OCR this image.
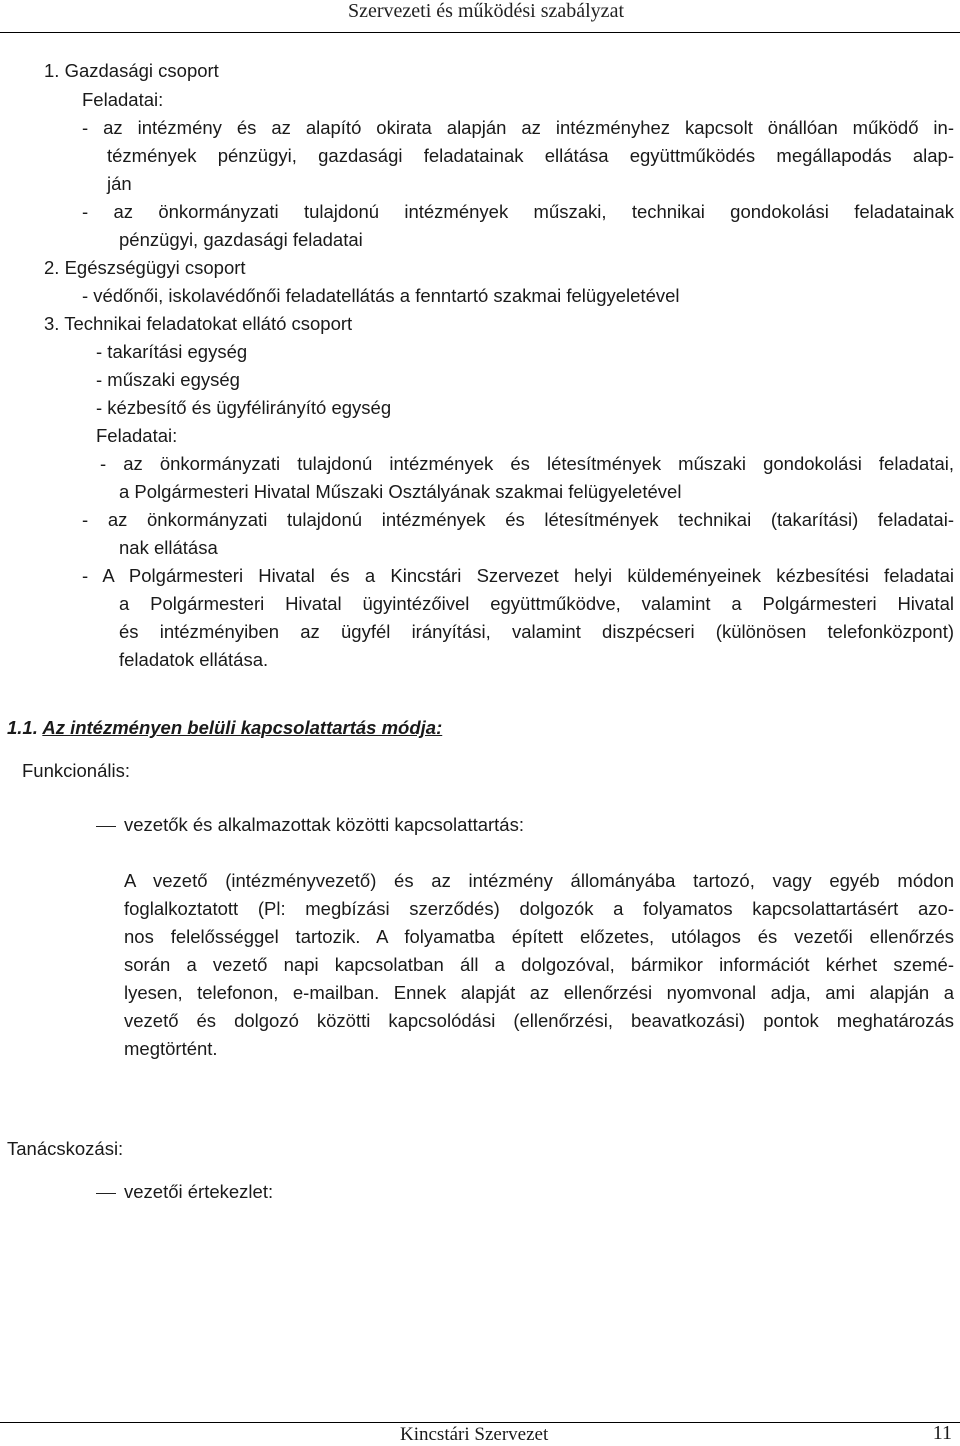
Szervezeti és működési szabályzat
1. Gazdasági csoport
Feladatai:
- az intézmény és az alapító okirata alapján az intézményhez kapcsolt önállóan működő in-
tézmények pénzügyi, gazdasági feladatainak ellátása együttműködés megállapodás alap-
ján
- az önkormányzati tulajdonú intézmények műszaki, technikai gondokolási feladatainak
pénzügyi, gazdasági feladatai
2. Egészségügyi csoport
- védőnői, iskolavédőnői feladatellátás a fenntartó szakmai felügyeletével
3. Technikai feladatokat ellátó csoport
- takarítási egység
- műszaki egység
- kézbesítő és ügyfélirányító egység
Feladatai:
- az önkormányzati tulajdonú intézmények és létesítmények műszaki gondokolási feladatai,
a Polgármesteri Hivatal Műszaki Osztályának szakmai felügyeletével
- az önkormányzati tulajdonú intézmények és létesítmények technikai (takarítási) feladatai-
nak ellátása
- A Polgármesteri Hivatal és a Kincstári Szervezet helyi küldeményeinek kézbesítési feladatai
a Polgármesteri Hivatal ügyintézőivel együttműködve, valamint a Polgármesteri Hivatal
és intézményiben az ügyfél irányítási, valamint diszpécseri (különösen telefonközpont)
feladatok ellátása.
1.1. Az intézményen belüli kapcsolattartás módja:
Funkcionális:
vezetők és alkalmazottak közötti kapcsolattartás:
A vezető (intézményvezető) és az intézmény állományába tartozó, vagy egyéb módon
foglalkoztatott (Pl: megbízási szerződés) dolgozók a folyamatos kapcsolattartásért azo-
nos felelősséggel tartozik. A folyamatba épített előzetes, utólagos és vezetői ellenőrzés
során a vezető napi kapcsolatban áll a dolgozóval, bármikor információt kérhet szemé-
lyesen, telefonon, e-mailban. Ennek alapját az ellenőrzési nyomvonal adja, ami alapján a
vezető és dolgozó közötti kapcsolódási (ellenőrzési, beavatkozási) pontok meghatározás
megtörtént.
Tanácskozási:
vezetői értekezlet:
Kincstári Szervezet	11
